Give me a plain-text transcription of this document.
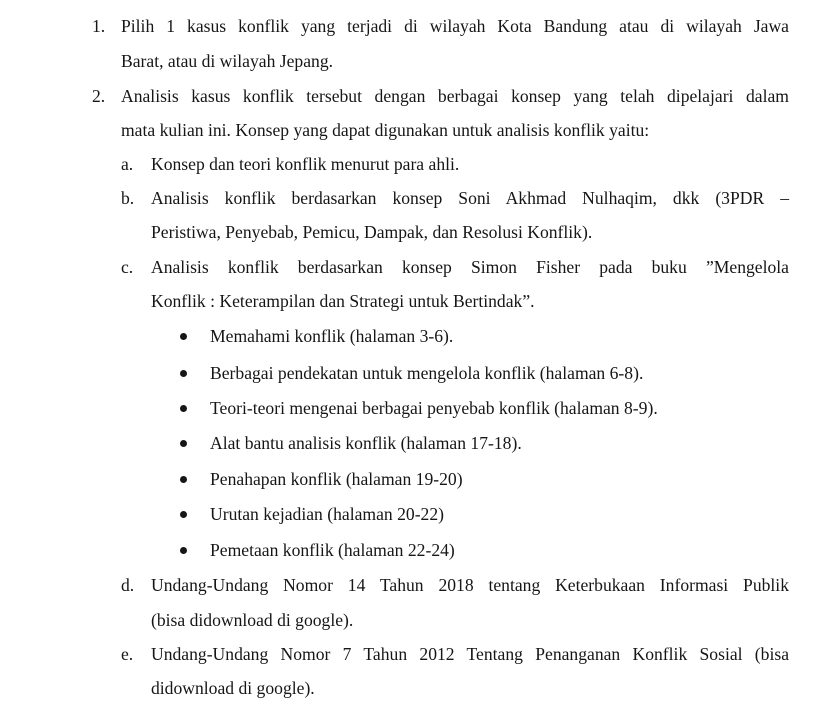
1. Pilih 1 kasus konflik yang terjadi di wilayah Kota Bandung atau di wilayah Jawa
Barat, atau di wilayah Jepang.
2. Analisis kasus konflik tersebut dengan berbagai konsep yang telah dipelajari dalam
mata kulian ini. Konsep yang dapat digunakan untuk analisis konflik yaitu:
a. Konsep dan teori konflik menurut para ahli.
b. Analisis konflik berdasarkan konsep Soni Akhmad Nulhaqim, dkk (3PDR –
Peristiwa, Penyebab, Pemicu, Dampak, dan Resolusi Konflik).
c. Analisis konflik berdasarkan konsep Simon Fisher pada buku ”Mengelola
Konflik : Keterampilan dan Strategi untuk Bertindak”.
Memahami konflik (halaman 3-6).
Berbagai pendekatan untuk mengelola konflik (halaman 6-8).
Teori-teori mengenai berbagai penyebab konflik (halaman 8-9).
Alat bantu analisis konflik (halaman 17-18).
Penahapan konflik (halaman 19-20)
Urutan kejadian (halaman 20-22)
Pemetaan konflik (halaman 22-24)
d. Undang-Undang Nomor 14 Tahun 2018 tentang Keterbukaan Informasi Publik
(bisa didownload di google).
e. Undang-Undang Nomor 7 Tahun 2012 Tentang Penanganan Konflik Sosial (bisa
didownload di google).
